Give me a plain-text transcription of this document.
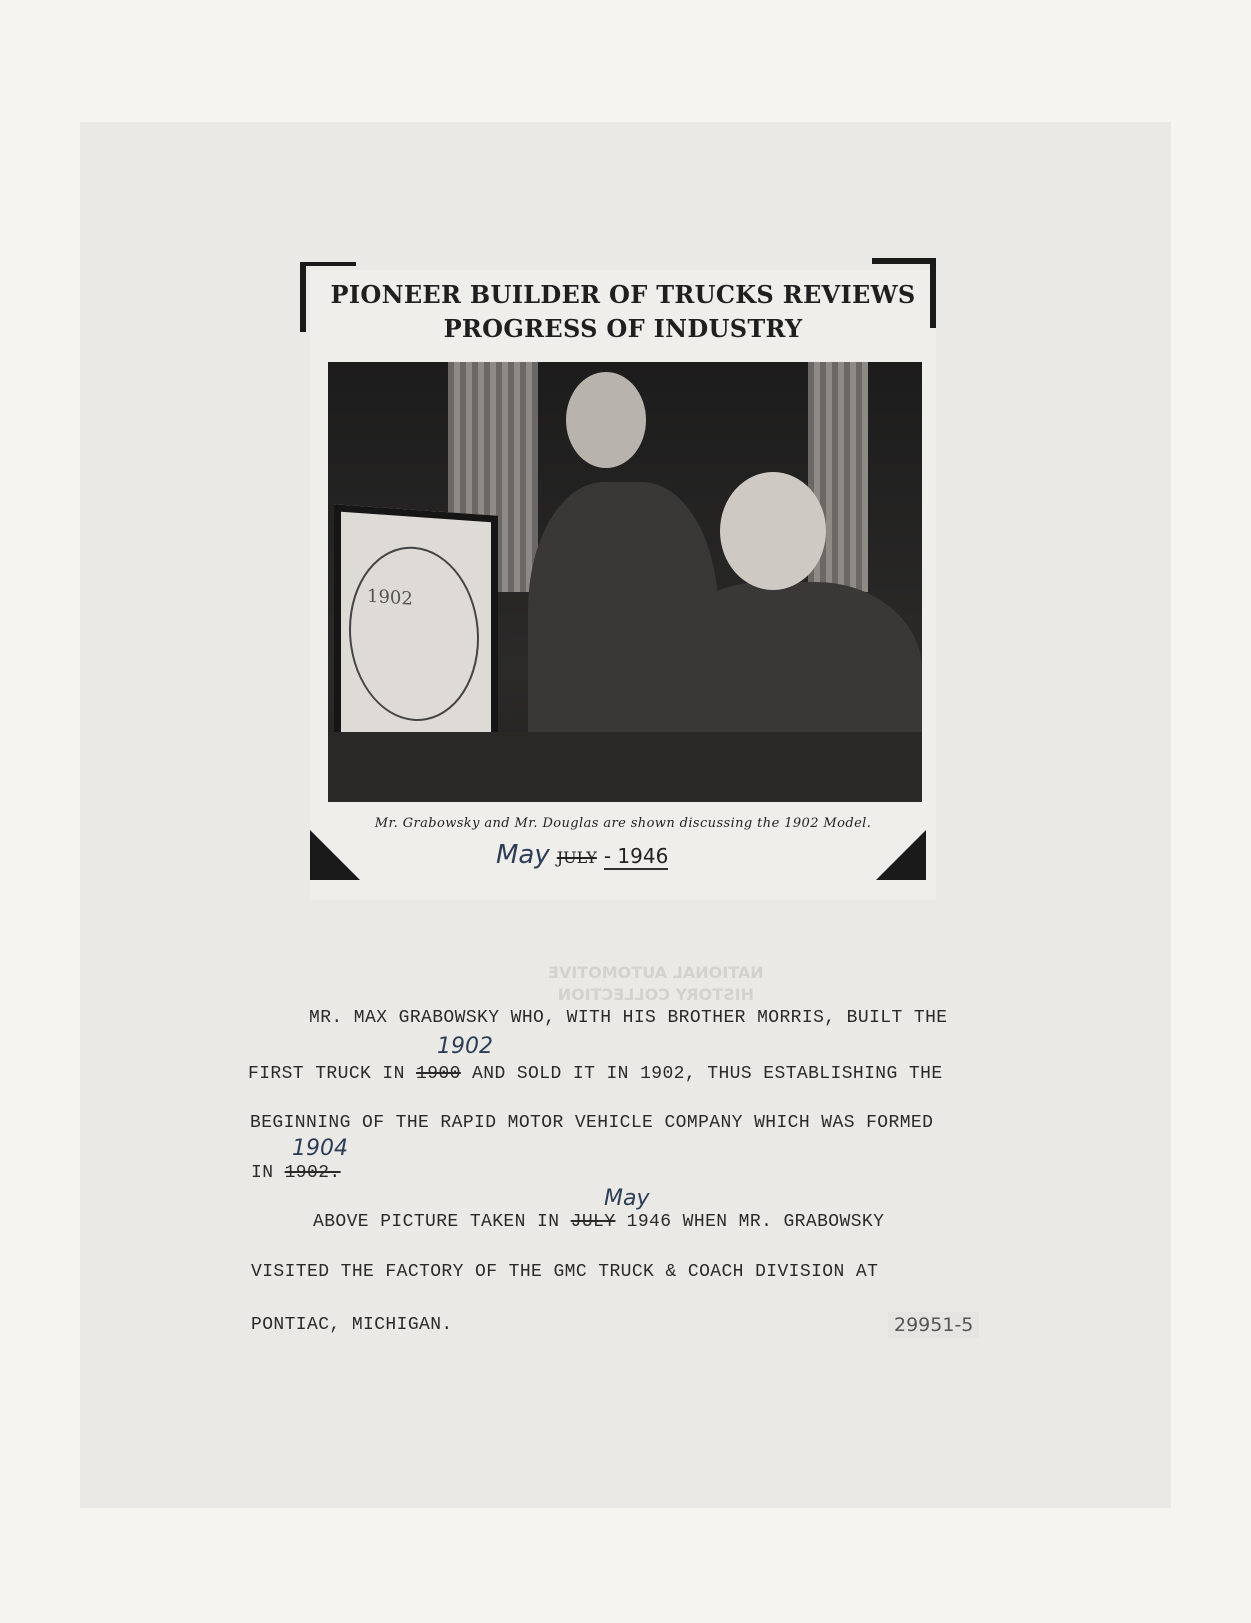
PIONEER BUILDER OF TRUCKS REVIEWS
PROGRESS OF INDUSTRY
1902
Mr. Grabowsky and Mr. Douglas are shown discussing the 1902 Model.
May JULY - 1946
NATIONAL AUTOMOTIVE
HISTORY COLLECTION
MR. MAX GRABOWSKY WHO, WITH HIS BROTHER MORRIS, BUILT THE
1902
FIRST TRUCK IN 1900 AND SOLD IT IN 1902, THUS ESTABLISHING THE
BEGINNING OF THE RAPID MOTOR VEHICLE COMPANY WHICH WAS FORMED
1904
IN 1902.
May
ABOVE PICTURE TAKEN IN JULY 1946 WHEN MR. GRABOWSKY
VISITED THE FACTORY OF THE GMC TRUCK & COACH DIVISION AT
PONTIAC, MICHIGAN.	29951-5
